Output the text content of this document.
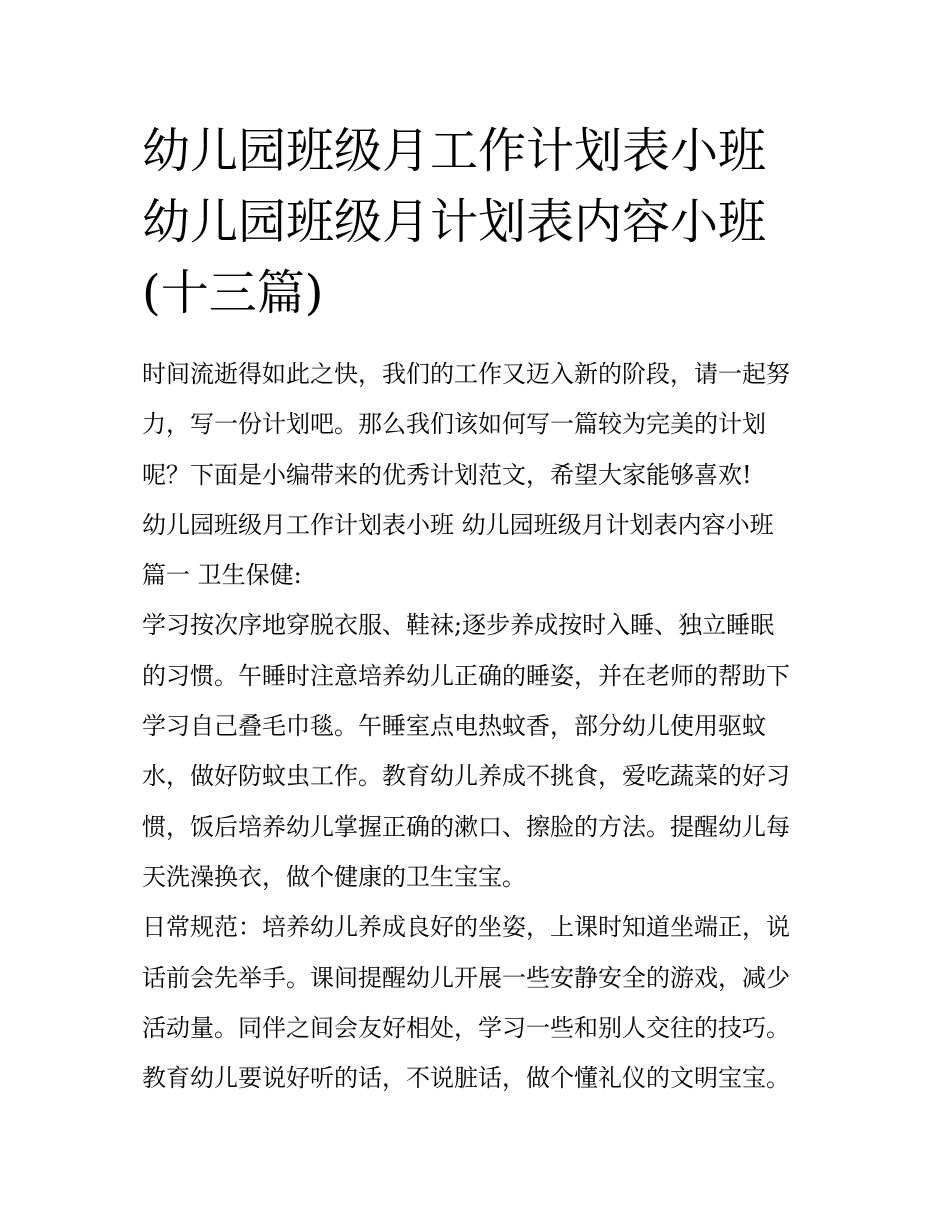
幼儿园班级月工作计划表小班
幼儿园班级月计划表内容小班
(十三篇)
时间流逝得如此之快，我们的工作又迈入新的阶段，请一起努
力，写一份计划吧。那么我们该如何写一篇较为完美的计划
呢？下面是小编带来的优秀计划范文，希望大家能够喜欢!
幼儿园班级月工作计划表小班 幼儿园班级月计划表内容小班
篇一 卫生保健:
学习按次序地穿脱衣服、鞋袜;逐步养成按时入睡、独立睡眠
的习惯。午睡时注意培养幼儿正确的睡姿，并在老师的帮助下
学习自己叠毛巾毯。午睡室点电热蚊香，部分幼儿使用驱蚊
水，做好防蚊虫工作。教育幼儿养成不挑食，爱吃蔬菜的好习
惯，饭后培养幼儿掌握正确的漱口、擦脸的方法。提醒幼儿每
天洗澡换衣，做个健康的卫生宝宝。
日常规范：培养幼儿养成良好的坐姿，上课时知道坐端正，说
话前会先举手。课间提醒幼儿开展一些安静安全的游戏，减少
活动量。同伴之间会友好相处，学习一些和别人交往的技巧。
教育幼儿要说好听的话，不说脏话，做个懂礼仪的文明宝宝。
